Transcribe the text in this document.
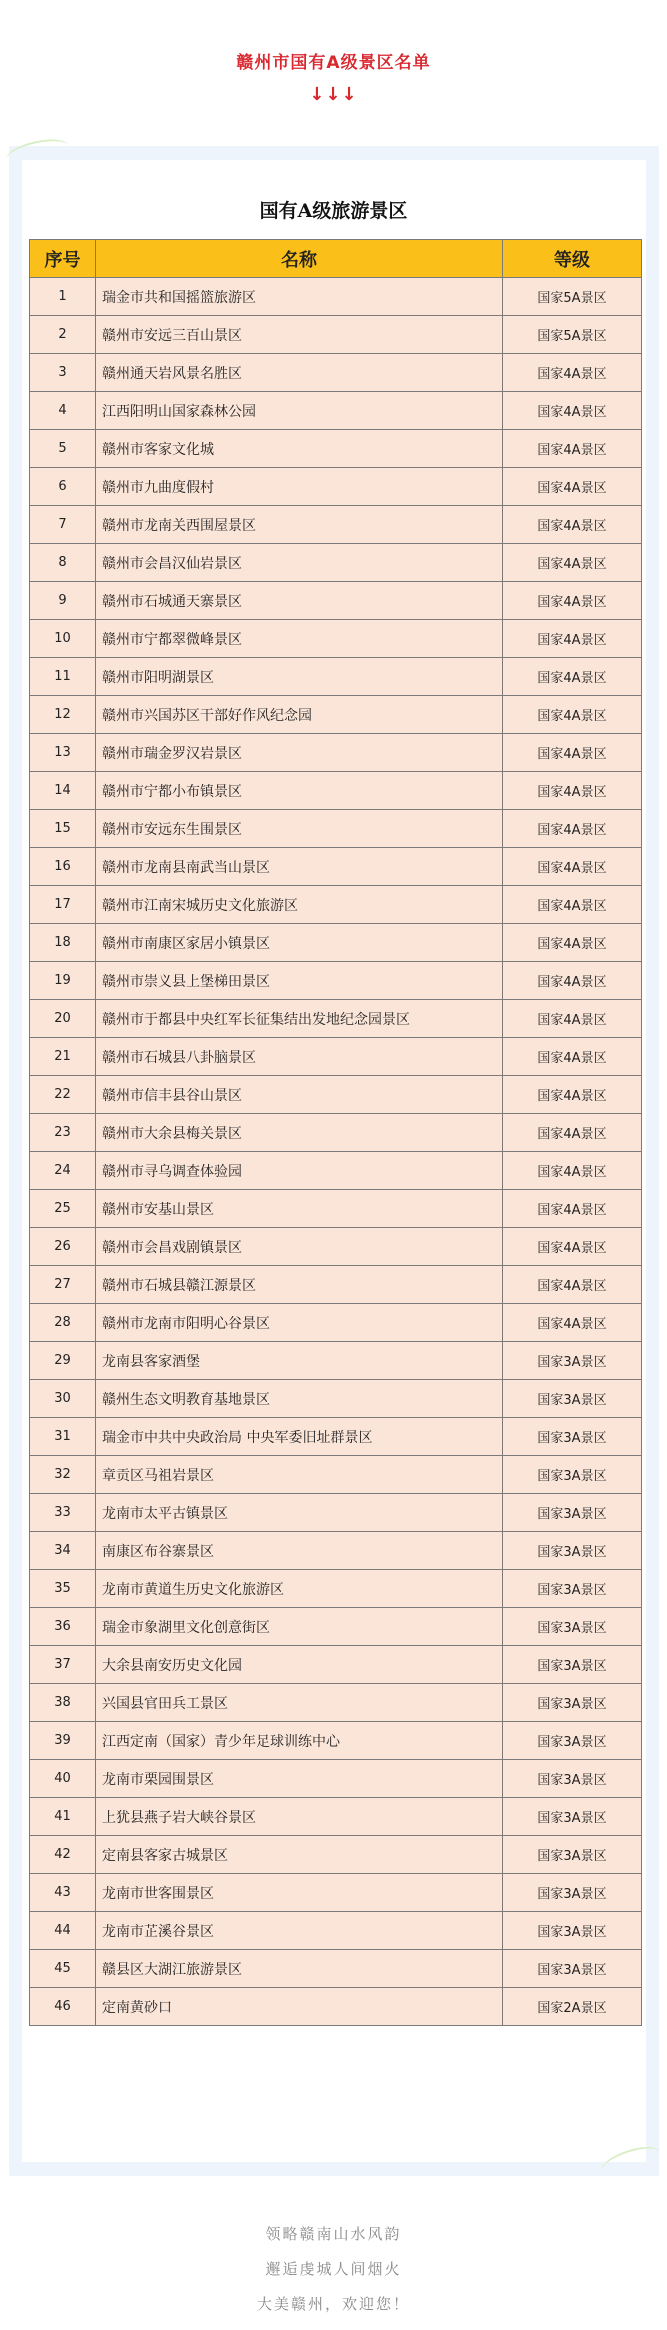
赣州市国有A级景区名单
↓↓↓
国有A级旅游景区
序号	名称	等级
1	瑞金市共和国摇篮旅游区	国家5A景区
2	赣州市安远三百山景区	国家5A景区
3	赣州通天岩风景名胜区	国家4A景区
4	江西阳明山国家森林公园	国家4A景区
5	赣州市客家文化城	国家4A景区
6	赣州市九曲度假村	国家4A景区
7	赣州市龙南关西围屋景区	国家4A景区
8	赣州市会昌汉仙岩景区	国家4A景区
9	赣州市石城通天寨景区	国家4A景区
10	赣州市宁都翠微峰景区	国家4A景区
11	赣州市阳明湖景区	国家4A景区
12	赣州市兴国苏区干部好作风纪念园	国家4A景区
13	赣州市瑞金罗汉岩景区	国家4A景区
14	赣州市宁都小布镇景区	国家4A景区
15	赣州市安远东生围景区	国家4A景区
16	赣州市龙南县南武当山景区	国家4A景区
17	赣州市江南宋城历史文化旅游区	国家4A景区
18	赣州市南康区家居小镇景区	国家4A景区
19	赣州市崇义县上堡梯田景区	国家4A景区
20	赣州市于都县中央红军长征集结出发地纪念园景区	国家4A景区
21	赣州市石城县八卦脑景区	国家4A景区
22	赣州市信丰县谷山景区	国家4A景区
23	赣州市大余县梅关景区	国家4A景区
24	赣州市寻乌调查体验园	国家4A景区
25	赣州市安基山景区	国家4A景区
26	赣州市会昌戏剧镇景区	国家4A景区
27	赣州市石城县赣江源景区	国家4A景区
28	赣州市龙南市阳明心谷景区	国家4A景区
29	龙南县客家酒堡	国家3A景区
30	赣州生态文明教育基地景区	国家3A景区
31	瑞金市中共中央政治局 中央军委旧址群景区	国家3A景区
32	章贡区马祖岩景区	国家3A景区
33	龙南市太平古镇景区	国家3A景区
34	南康区布谷寨景区	国家3A景区
35	龙南市黄道生历史文化旅游区	国家3A景区
36	瑞金市象湖里文化创意街区	国家3A景区
37	大余县南安历史文化园	国家3A景区
38	兴国县官田兵工景区	国家3A景区
39	江西定南（国家）青少年足球训练中心	国家3A景区
40	龙南市栗园围景区	国家3A景区
41	上犹县燕子岩大峡谷景区	国家3A景区
42	定南县客家古城景区	国家3A景区
43	龙南市世客围景区	国家3A景区
44	龙南市芷溪谷景区	国家3A景区
45	赣县区大湖江旅游景区	国家3A景区
46	定南黄砂口	国家2A景区
领略赣南山水风韵
邂逅虔城人间烟火
大美赣州，欢迎您！
